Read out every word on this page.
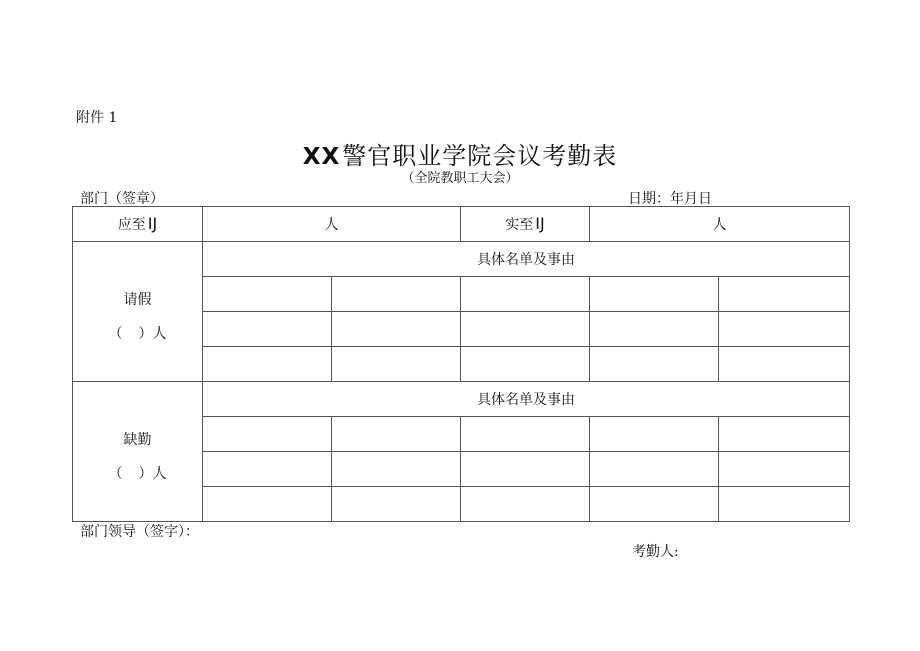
附件 1
XX警官职业学院会议考勤表
（全院教职工大会）
部门（签章）	日期：年月日
应至 IJ	人		实至 IJ	人	

请假
（ ）人	具体名单及事由				

缺勤
（ ）人	具体名单及事由				

部门领导（签字）：
考勤人:
